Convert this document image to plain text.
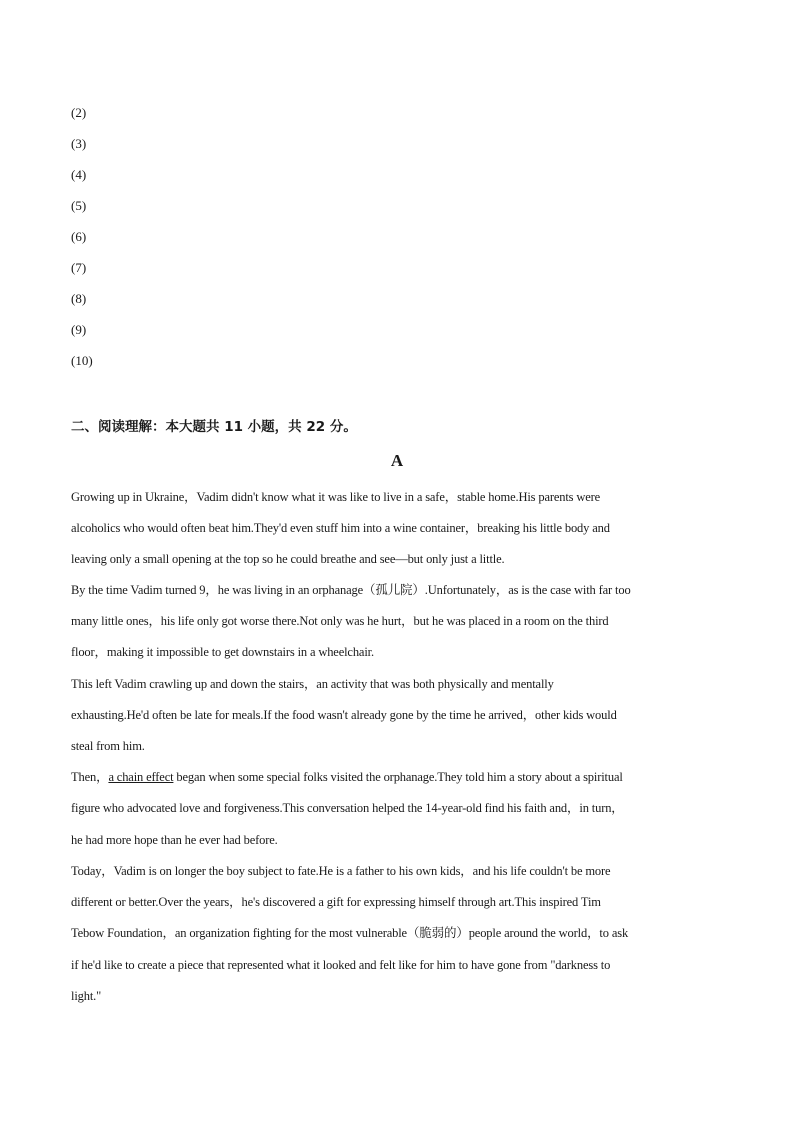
(2)
(3)
(4)
(5)
(6)
(7)
(8)
(9)
(10)
二、阅读理解：本大题共 11 小题，共 22 分。
A
Growing up in Ukraine，Vadim didn't know what it was like to live in a safe，stable home.His parents were
alcoholics who would often beat him.They'd even stuff him into a wine container，breaking his little body and
leaving only a small opening at the top so he could breathe and see—but only just a little.
By the time Vadim turned 9，he was living in an orphanage（孤儿院）.Unfortunately，as is the case with far too
many little ones，his life only got worse there.Not only was he hurt，but he was placed in a room on the third
floor，making it impossible to get downstairs in a wheelchair.
This left Vadim crawling up and down the stairs，an activity that was both physically and mentally
exhausting.He'd often be late for meals.If the food wasn't already gone by the time he arrived，other kids would
steal from him.
Then，a chain effect began when some special folks visited the orphanage.They told him a story about a spiritual
figure who advocated love and forgiveness.This conversation helped the 14-year-old find his faith and，in turn，
he had more hope than he ever had before.
Today，Vadim is on longer the boy subject to fate.He is a father to his own kids，and his life couldn't be more
different or better.Over the years，he's discovered a gift for expressing himself through art.This inspired Tim
Tebow Foundation，an organization fighting for the most vulnerable（脆弱的）people around the world，to ask
if he'd like to create a piece that represented what it looked and felt like for him to have gone from "darkness to
light."
